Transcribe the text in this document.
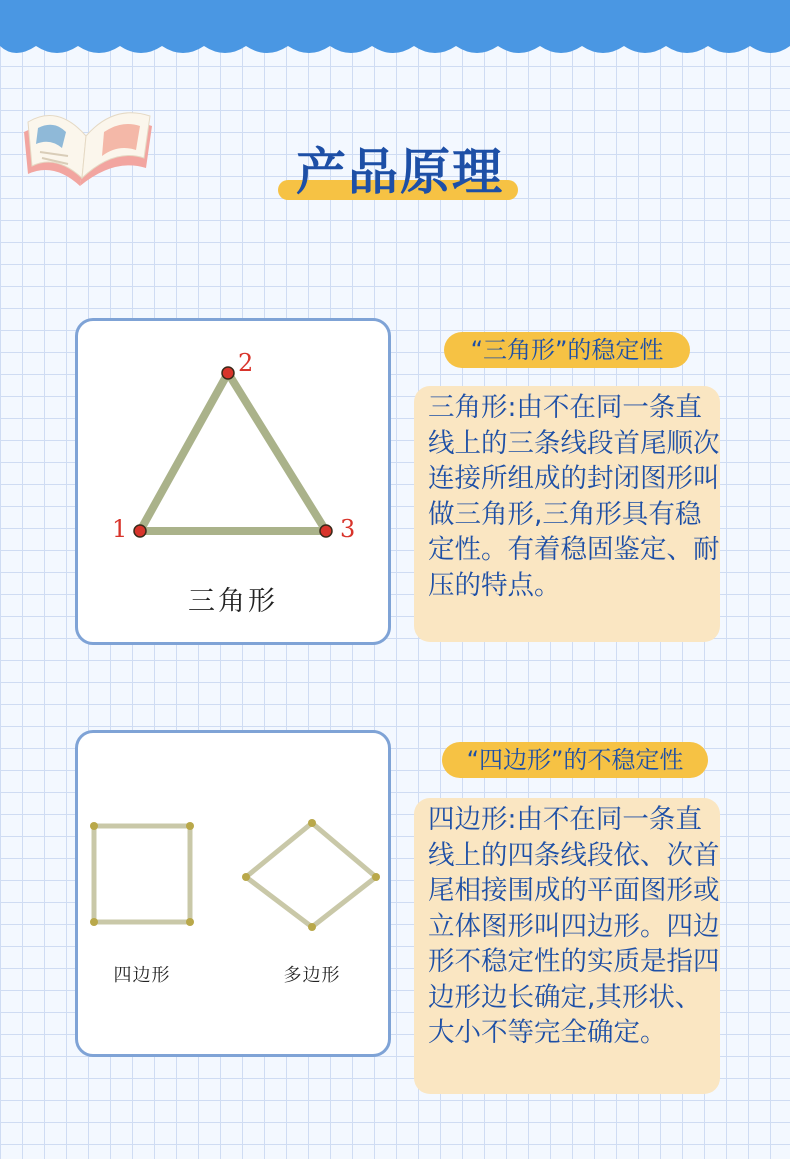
产品原理
1
2
3
三角形
“三角形”的稳定性
三角形:由不在同一条直线上的三条线段首尾顺次连接所组成的封闭图形叫做三角形,三角形具有稳定性。有着稳固鉴定、耐压的特点。
四边形	多边形
“四边形”的不稳定性
四边形:由不在同一条直线上的四条线段依、次首尾相接围成的平面图形或立体图形叫四边形。四边形不稳定性的实质是指四边形边长确定,其形状、大小不等完全确定。
